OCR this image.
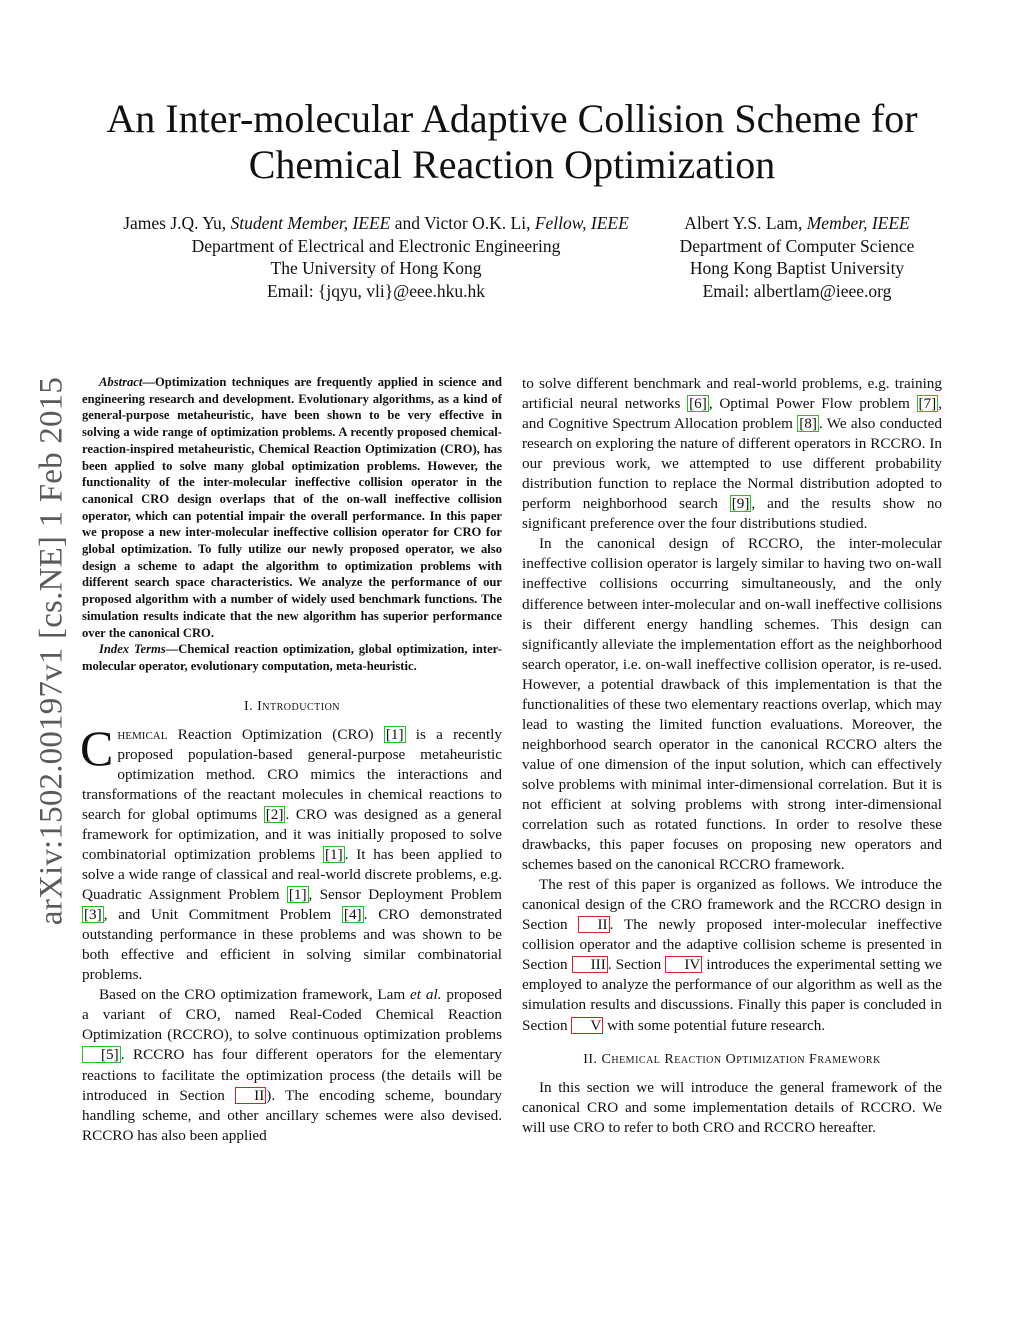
An Inter-molecular Adaptive Collision Scheme for
Chemical Reaction Optimization
James J.Q. Yu, Student Member, IEEE and Victor O.K. Li, Fellow, IEEE
Department of Electrical and Electronic Engineering
The University of Hong Kong
Email: {jqyu, vli}@eee.hku.hk
Albert Y.S. Lam, Member, IEEE
Department of Computer Science
Hong Kong Baptist University
Email: albertlam@ieee.org
arXiv:1502.00197v1 [cs.NE] 1 Feb 2015	Abstract—Optimization techniques are frequently applied in science and engineering research and development. Evolutionary algorithms, as a kind of general-purpose metaheuristic, have been shown to be very effective in solving a wide range of optimization problems. A recently proposed chemical-reaction-inspired metaheuristic, Chemical Reaction Optimization (CRO), has been applied to solve many global optimization problems. However, the functionality of the inter-molecular ineffective collision operator in the canonical CRO design overlaps that of the on-wall ineffective collision operator, which can potential impair the overall performance. In this paper we propose a new inter-molecular ineffective collision operator for CRO for global optimization. To fully utilize our newly proposed operator, we also design a scheme to adapt the algorithm to optimization problems with different search space characteristics. We analyze the performance of our proposed algorithm with a number of widely used benchmark functions. The simulation results indicate that the new algorithm has superior performance over the canonical CRO.

Index Terms—Chemical reaction optimization, global optimization, inter-molecular operator, evolutionary computation, meta-heuristic.

I. Introduction

Chemical Reaction Optimization (CRO) [1] is a recently proposed population-based general-purpose metaheuristic optimization method. CRO mimics the interactions and transformations of the reactant molecules in chemical reactions to search for global optimums [2] . CRO was designed as a general framework for optimization, and it was initially proposed to solve combinatorial optimization problems [1] . It has been applied to solve a wide range of classical and real-world discrete problems, e.g. Quadratic Assignment Problem [1] , Sensor Deployment Problem [3] , and Unit Commitment Problem [4] . CRO demonstrated outstanding performance in these problems and was shown to be both effective and efficient in solving similar combinatorial problems.

Based on the CRO optimization framework, Lam et al. proposed a variant of CRO, named Real-Coded Chemical Reaction Optimization (RCCRO), to solve continuous optimization problems [5] . RCCRO has four different operators for the elementary reactions to facilitate the optimization process (the details will be introduced in Section II ). The encoding scheme, boundary handling scheme, and other ancillary schemes were also devised. RCCRO has also been applied

to solve different benchmark and real-world problems, e.g. training artificial neural networks [6] , Optimal Power Flow problem [7] , and Cognitive Spectrum Allocation problem [8] . We also conducted research on exploring the nature of different operators in RCCRO. In our previous work, we attempted to use different probability distribution function to replace the Normal distribution adopted to perform neighborhood search [9] , and the results show no significant preference over the four distributions studied.

In the canonical design of RCCRO, the inter-molecular ineffective collision operator is largely similar to having two on-wall ineffective collisions occurring simultaneously, and the only difference between inter-molecular and on-wall ineffective collisions is their different energy handling schemes. This design can significantly alleviate the implementation effort as the neighborhood search operator, i.e. on-wall ineffective collision operator, is re-used. However, a potential drawback of this implementation is that the functionalities of these two elementary reactions overlap, which may lead to wasting the limited function evaluations. Moreover, the neighborhood search operator in the canonical RCCRO alters the value of one dimension of the input solution, which can effectively solve problems with minimal inter-dimensional correlation. But it is not efficient at solving problems with strong inter-dimensional correlation such as rotated functions. In order to resolve these drawbacks, this paper focuses on proposing new operators and schemes based on the canonical RCCRO framework.

The rest of this paper is organized as follows. We introduce the canonical design of the CRO framework and the RCCRO design in Section II . The newly proposed inter-molecular ineffective collision operator and the adaptive collision scheme is presented in Section III . Section IV introduces the experimental setting we employed to analyze the performance of our algorithm as well as the simulation results and discussions. Finally this paper is concluded in Section V with some potential future research.

II. Chemical Reaction Optimization Framework

In this section we will introduce the general framework of the canonical CRO and some implementation details of RCCRO. We will use CRO to refer to both CRO and RCCRO hereafter.
